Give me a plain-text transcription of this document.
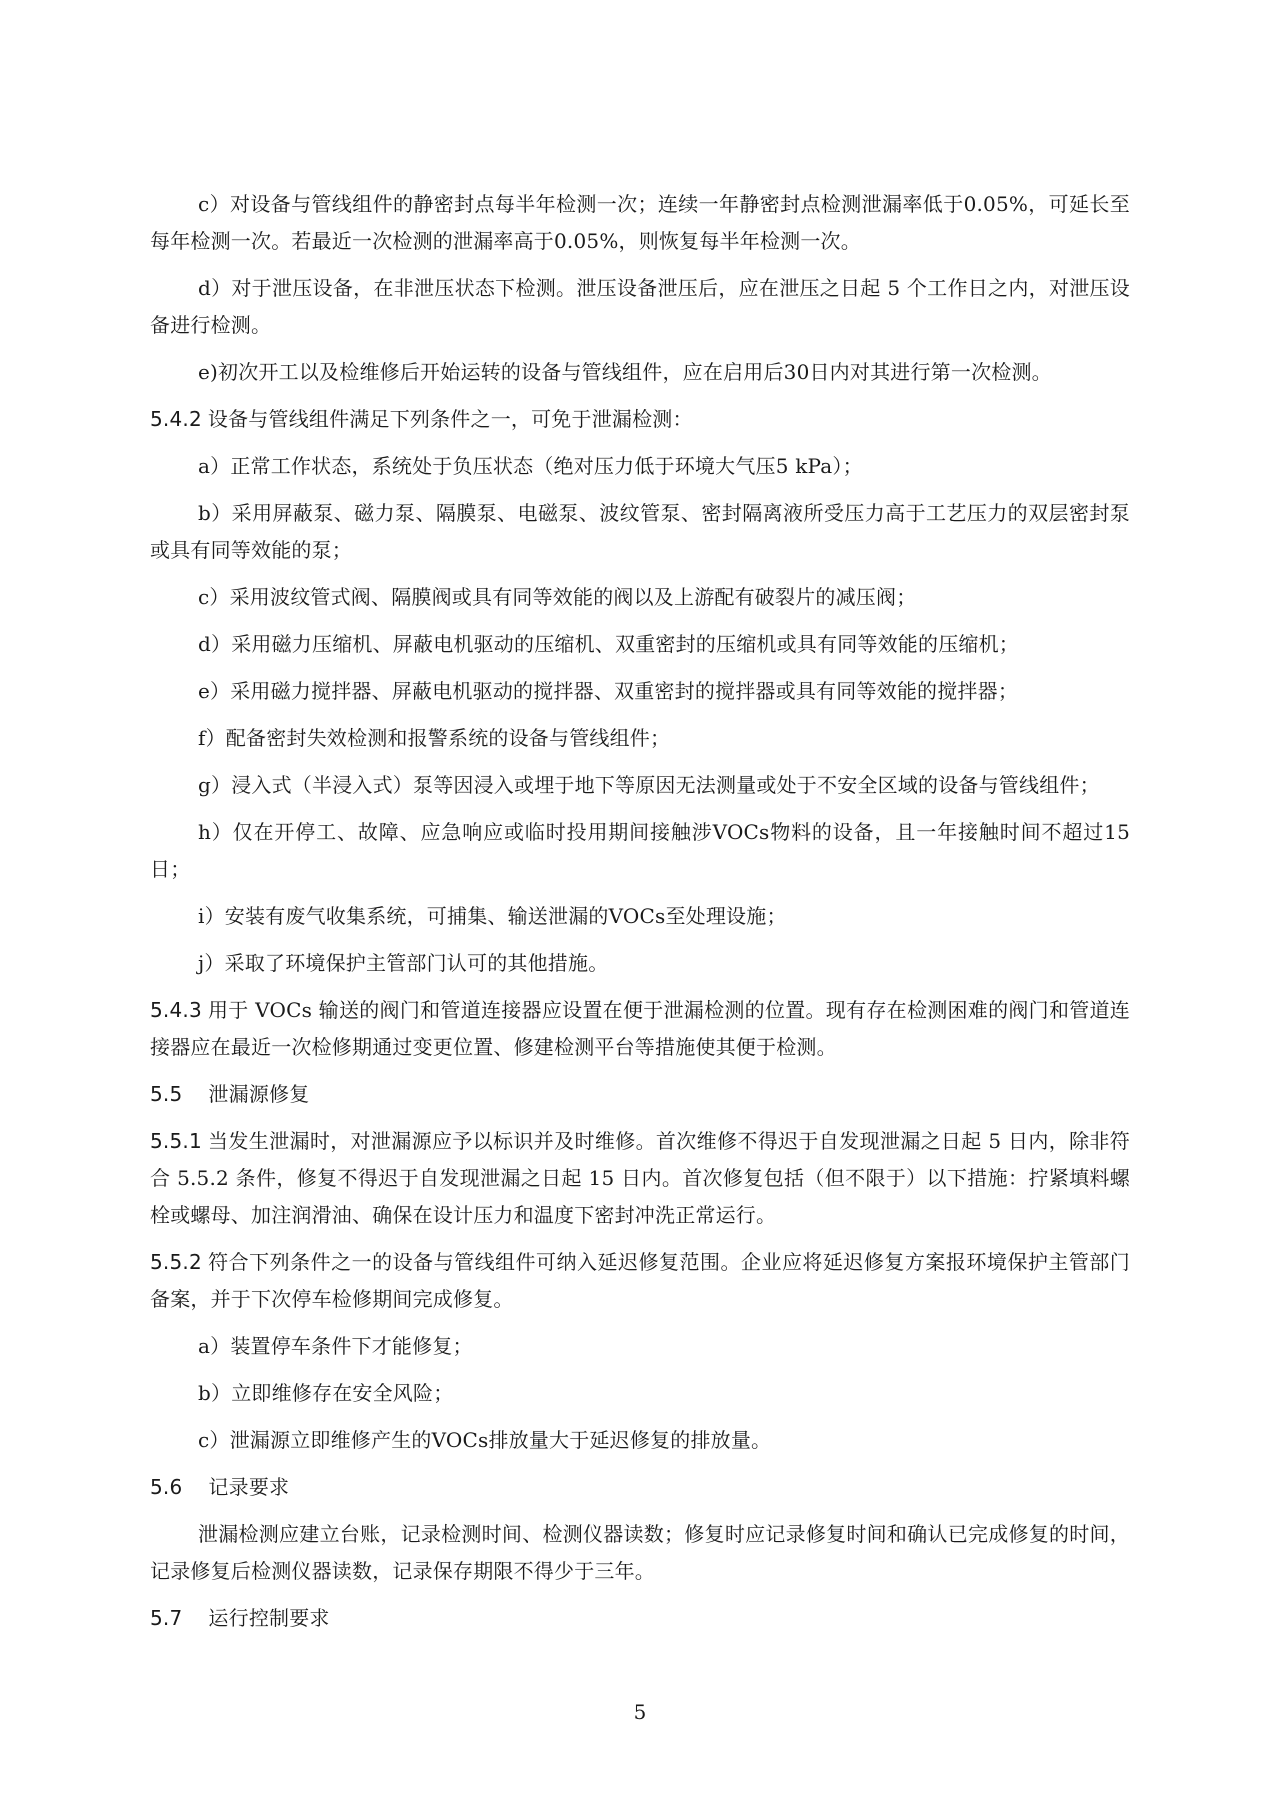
c）对设备与管线组件的静密封点每半年检测一次；连续一年静密封点检测泄漏率低于0.05%，可延长至每年检测一次。若最近一次检测的泄漏率高于0.05%，则恢复每半年检测一次。

d）对于泄压设备，在非泄压状态下检测。泄压设备泄压后，应在泄压之日起 5 个工作日之内，对泄压设备进行检测。

e)初次开工以及检维修后开始运转的设备与管线组件，应在启用后30日内对其进行第一次检测。

5.4.2 设备与管线组件满足下列条件之一，可免于泄漏检测：

a）正常工作状态，系统处于负压状态（绝对压力低于环境大气压5 kPa）；

b）采用屏蔽泵、磁力泵、隔膜泵、电磁泵、波纹管泵、密封隔离液所受压力高于工艺压力的双层密封泵或具有同等效能的泵；

c）采用波纹管式阀、隔膜阀或具有同等效能的阀以及上游配有破裂片的减压阀；

d）采用磁力压缩机、屏蔽电机驱动的压缩机、双重密封的压缩机或具有同等效能的压缩机；

e）采用磁力搅拌器、屏蔽电机驱动的搅拌器、双重密封的搅拌器或具有同等效能的搅拌器；

f）配备密封失效检测和报警系统的设备与管线组件；

g）浸入式（半浸入式）泵等因浸入或埋于地下等原因无法测量或处于不安全区域的设备与管线组件；

h）仅在开停工、故障、应急响应或临时投用期间接触涉VOCs物料的设备，且一年接触时间不超过15日；

i）安装有废气收集系统，可捕集、输送泄漏的VOCs至处理设施；

j）采取了环境保护主管部门认可的其他措施。

5.4.3 用于 VOCs 输送的阀门和管道连接器应设置在便于泄漏检测的位置。现有存在检测困难的阀门和管道连接器应在最近一次检修期通过变更位置、修建检测平台等措施使其便于检测。

5.5 泄漏源修复

5.5.1 当发生泄漏时，对泄漏源应予以标识并及时维修。首次维修不得迟于自发现泄漏之日起 5 日内，除非符合 5.5.2 条件，修复不得迟于自发现泄漏之日起 15 日内。首次修复包括（但不限于）以下措施：拧紧填料螺栓或螺母、加注润滑油、确保在设计压力和温度下密封冲洗正常运行。

5.5.2 符合下列条件之一的设备与管线组件可纳入延迟修复范围。企业应将延迟修复方案报环境保护主管部门备案，并于下次停车检修期间完成修复。

a）装置停车条件下才能修复；

b）立即维修存在安全风险；

c）泄漏源立即维修产生的VOCs排放量大于延迟修复的排放量。

5.6 记录要求

泄漏检测应建立台账，记录检测时间、检测仪器读数；修复时应记录修复时间和确认已完成修复的时间，记录修复后检测仪器读数，记录保存期限不得少于三年。

5.7 运行控制要求

5
